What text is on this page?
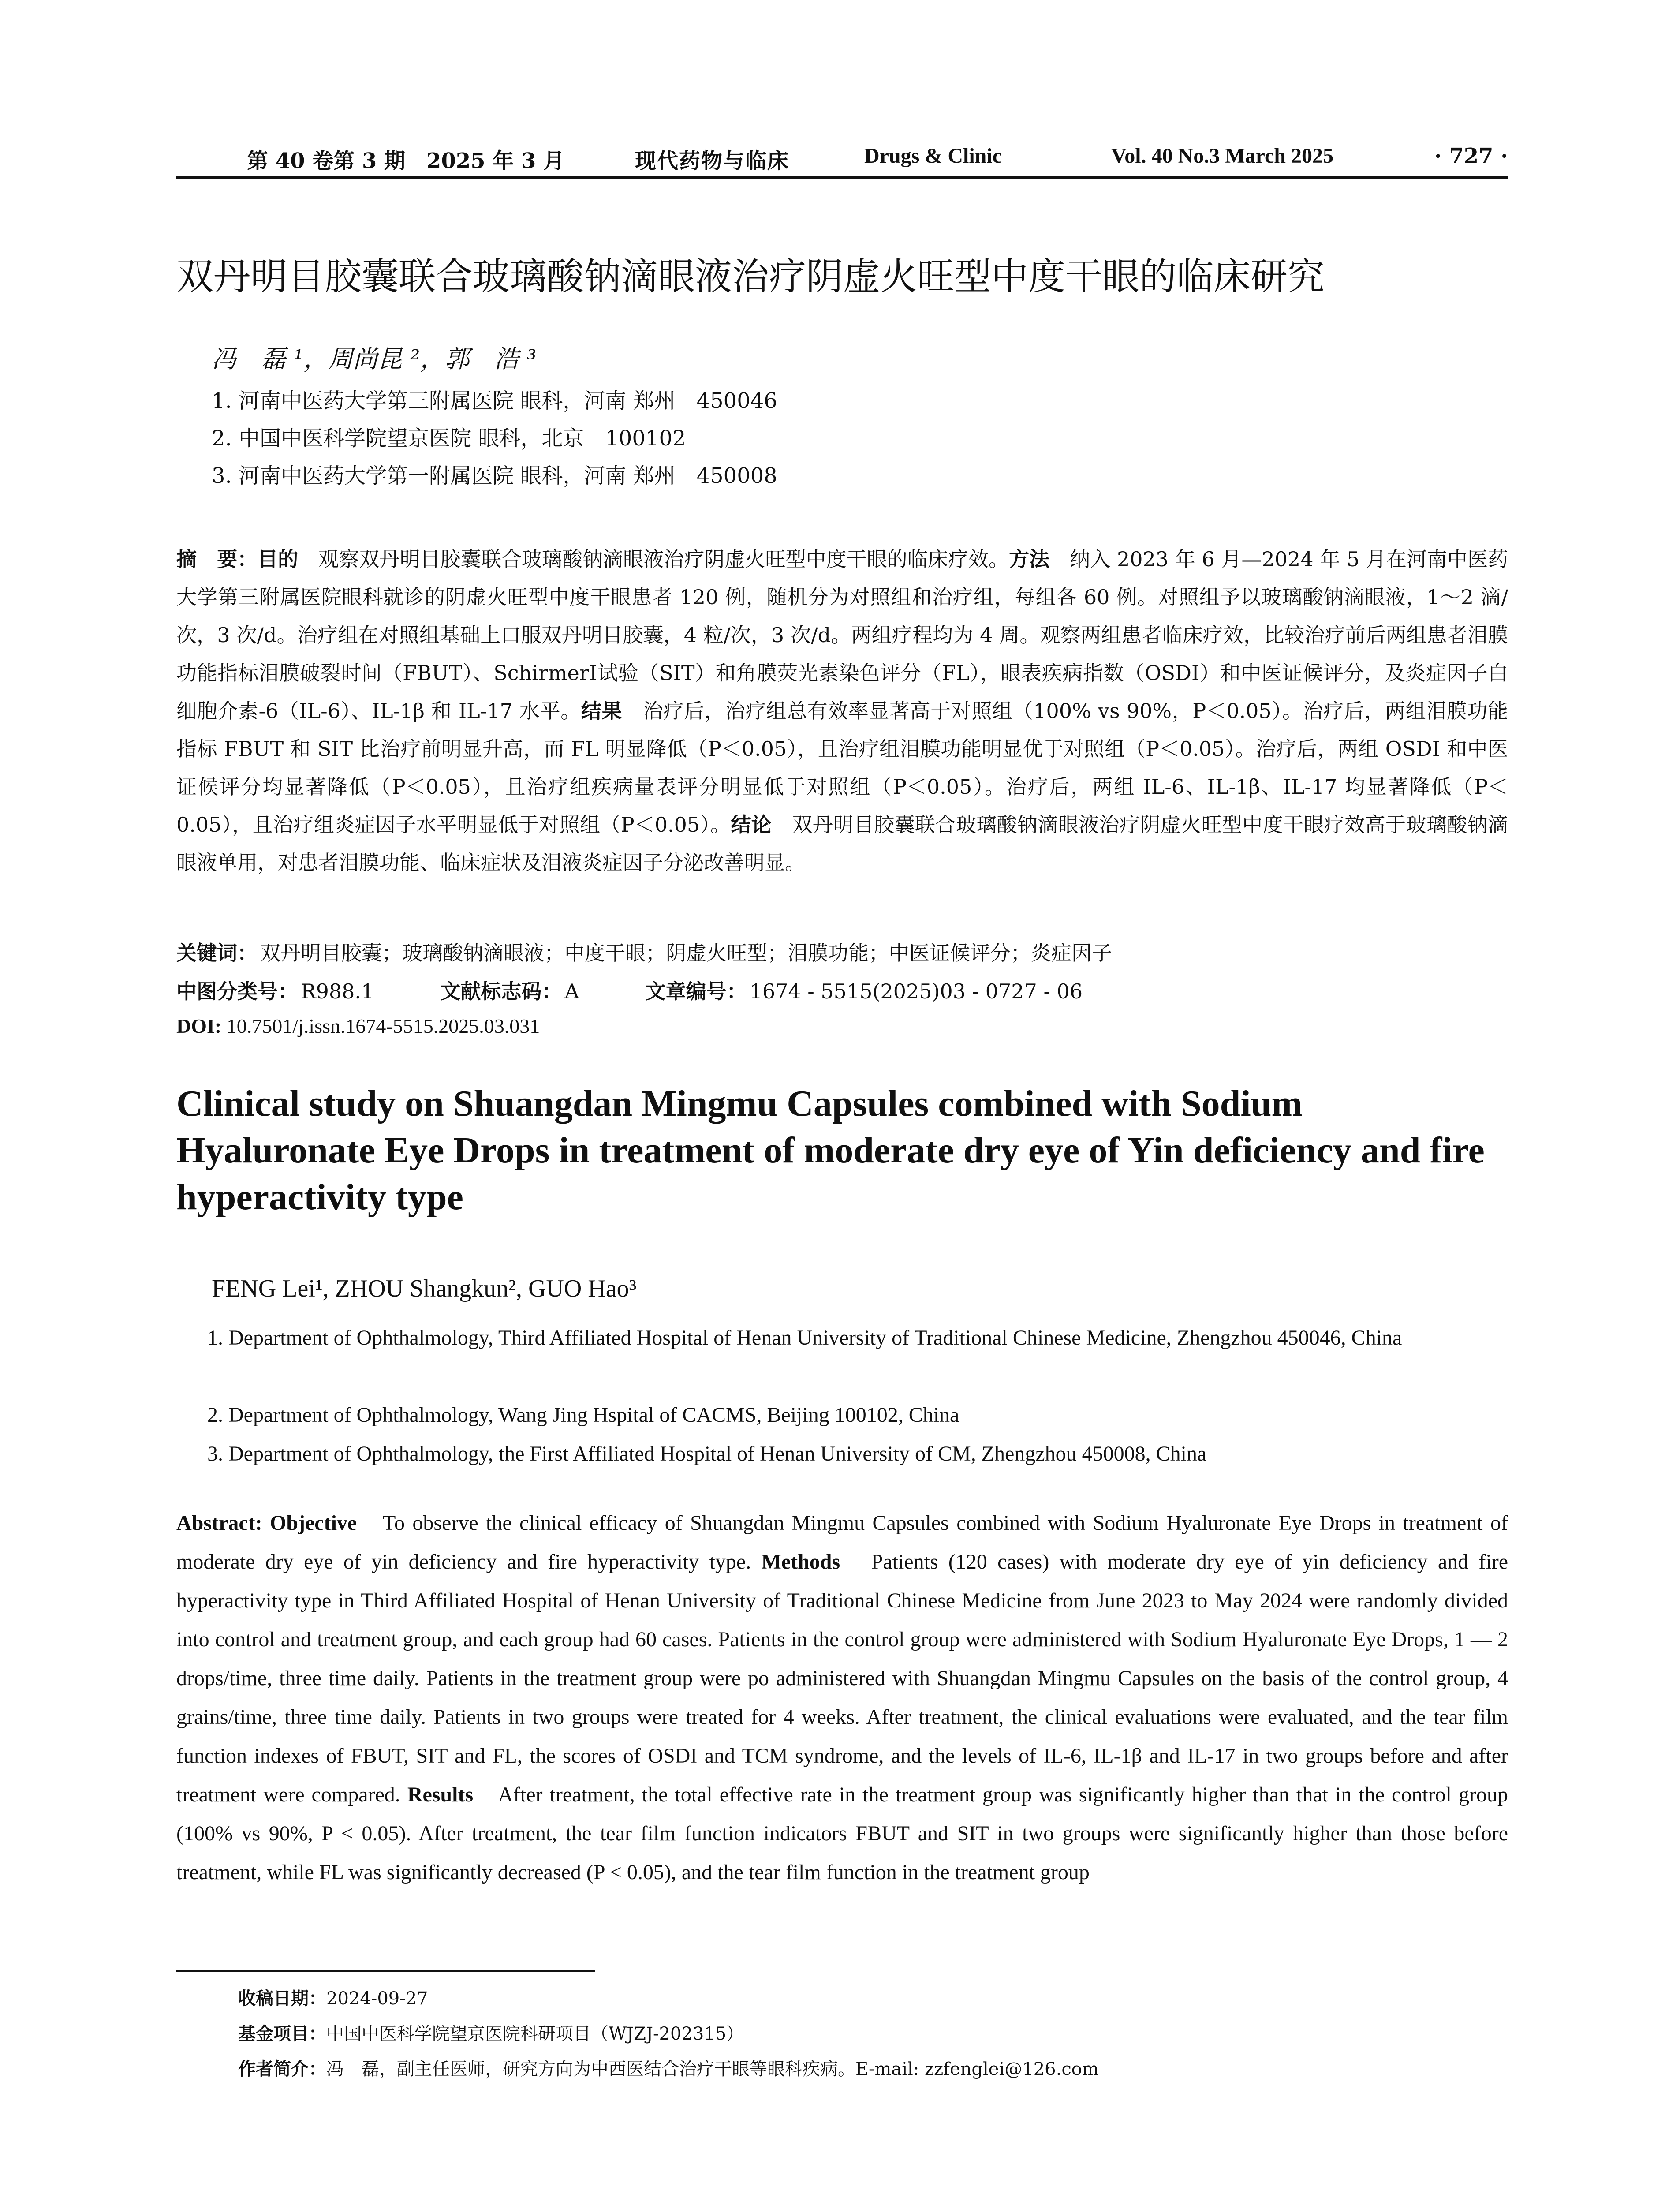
第 40 卷第 3 期　2025 年 3 月	现代药物与临床	Drugs & Clinic	Vol. 40 No.3 March 2025	· 727 ·
双丹明目胶囊联合玻璃酸钠滴眼液治疗阴虚火旺型中度干眼的临床研究
冯　磊 ¹，周尚昆 ²，郭　浩 ³
1. 河南中医药大学第三附属医院 眼科，河南 郑州　450046
2. 中国中医科学院望京医院 眼科，北京　100102
3. 河南中医药大学第一附属医院 眼科，河南 郑州　450008
摘　要：目的　 观察双丹明目胶囊联合玻璃酸钠滴眼液治疗阴虚火旺型中度干眼的临床疗效。方法　 纳入 2023 年 6 月—2024 年 5 月在河南中医药大学第三附属医院眼科就诊的阴虚火旺型中度干眼患者 120 例，随机分为对照组和治疗组，每组各 60 例。对照组予以玻璃酸钠滴眼液，1～2 滴/次，3 次/d。治疗组在对照组基础上口服双丹明目胶囊，4 粒/次，3 次/d。两组疗程均为 4 周。观察两组患者临床疗效，比较治疗前后两组患者泪膜功能指标泪膜破裂时间（FBUT）、SchirmerⅠ试验（SIT）和角膜荧光素染色评分（FL），眼表疾病指数（OSDI）和中医证候评分，及炎症因子白细胞介素-6（IL-6）、IL-1β 和 IL-17 水平。结果　 治疗后，治疗组总有效率显著高于对照组（100% vs 90%，P＜0.05）。治疗后，两组泪膜功能指标 FBUT 和 SIT 比治疗前明显升高，而 FL 明显降低（P＜0.05），且治疗组泪膜功能明显优于对照组（P＜0.05）。治疗后，两组 OSDI 和中医证候评分均显著降低（P＜0.05），且治疗组疾病量表评分明显低于对照组（P＜0.05）。治疗后，两组 IL-6、IL-1β、IL-17 均显著降低（P＜0.05），且治疗组炎症因子水平明显低于对照组（P＜0.05）。结论　 双丹明目胶囊联合玻璃酸钠滴眼液治疗阴虚火旺型中度干眼疗效高于玻璃酸钠滴眼液单用，对患者泪膜功能、临床症状及泪液炎症因子分泌改善明显。
关键词： 双丹明目胶囊；玻璃酸钠滴眼液；中度干眼；阴虚火旺型；泪膜功能；中医证候评分；炎症因子
中图分类号： R988.1	文献标志码： A	文章编号： 1674 - 5515(2025)03 - 0727 - 06
DOI: 10.7501/j.issn.1674-5515.2025.03.031
Clinical study on Shuangdan Mingmu Capsules combined with Sodium Hyaluronate Eye Drops in treatment of moderate dry eye of Yin deficiency and fire hyperactivity type
FENG Lei¹, ZHOU Shangkun², GUO Hao³
1. Department of Ophthalmology, Third Affiliated Hospital of Henan University of Traditional Chinese Medicine, Zhengzhou 450046, China
2. Department of Ophthalmology, Wang Jing Hspital of CACMS, Beijing 100102, China
3. Department of Ophthalmology, the First Affiliated Hospital of Henan University of CM, Zhengzhou 450008, China
Abstract: Objective　 To observe the clinical efficacy of Shuangdan Mingmu Capsules combined with Sodium Hyaluronate Eye Drops in treatment of moderate dry eye of yin deficiency and fire hyperactivity type. Methods　 Patients (120 cases) with moderate dry eye of yin deficiency and fire hyperactivity type in Third Affiliated Hospital of Henan University of Traditional Chinese Medicine from June 2023 to May 2024 were randomly divided into control and treatment group, and each group had 60 cases. Patients in the control group were administered with Sodium Hyaluronate Eye Drops, 1 — 2 drops/time, three time daily. Patients in the treatment group were po administered with Shuangdan Mingmu Capsules on the basis of the control group, 4 grains/time, three time daily. Patients in two groups were treated for 4 weeks. After treatment, the clinical evaluations were evaluated, and the tear film function indexes of FBUT, SIT and FL, the scores of OSDI and TCM syndrome, and the levels of IL-6, IL-1β and IL-17 in two groups before and after treatment were compared. Results　 After treatment, the total effective rate in the treatment group was significantly higher than that in the control group (100% vs 90%, P < 0.05). After treatment, the tear film function indicators FBUT and SIT in two groups were significantly higher than those before treatment, while FL was significantly decreased (P < 0.05), and the tear film function in the treatment group
收稿日期：2024-09-27
基金项目：中国中医科学院望京医院科研项目（WJZJ-202315）
作者简介：冯　磊，副主任医师，研究方向为中西医结合治疗干眼等眼科疾病。E-mail: zzfenglei@126.com
